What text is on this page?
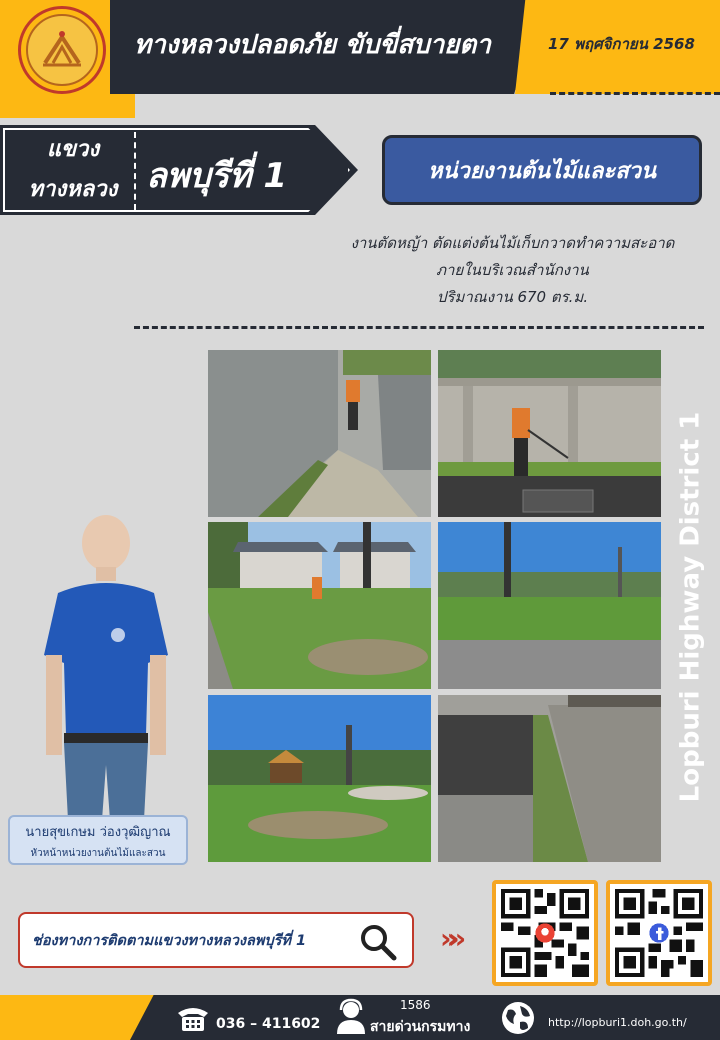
ทางหลวงปลอดภัย ขับขี่สบายตา	17 พฤศจิกายน 2568
แขวง
ทางหลวง ลพบุรีที่ 1	หน่วยงานต้นไม้และสวน
งานตัดหญ้า ตัดแต่งต้นไม้เก็บกวาดทำความสะอาด
ภายในบริเวณสำนักงาน
ปริมาณงาน 670 ตร.ม.
นายสุขเกษม ว่องวุฒิญาณ
หัวหน้าหน่วยงานต้นไม้และสวน
Lopburi Highway District 1
ช่องทางการติดตามแขวงทางหลวงลพบุรีที่ 1	»»
036 – 411602
1586
สายด่วนกรมทาง	http://lopburi1.doh.go.th/
